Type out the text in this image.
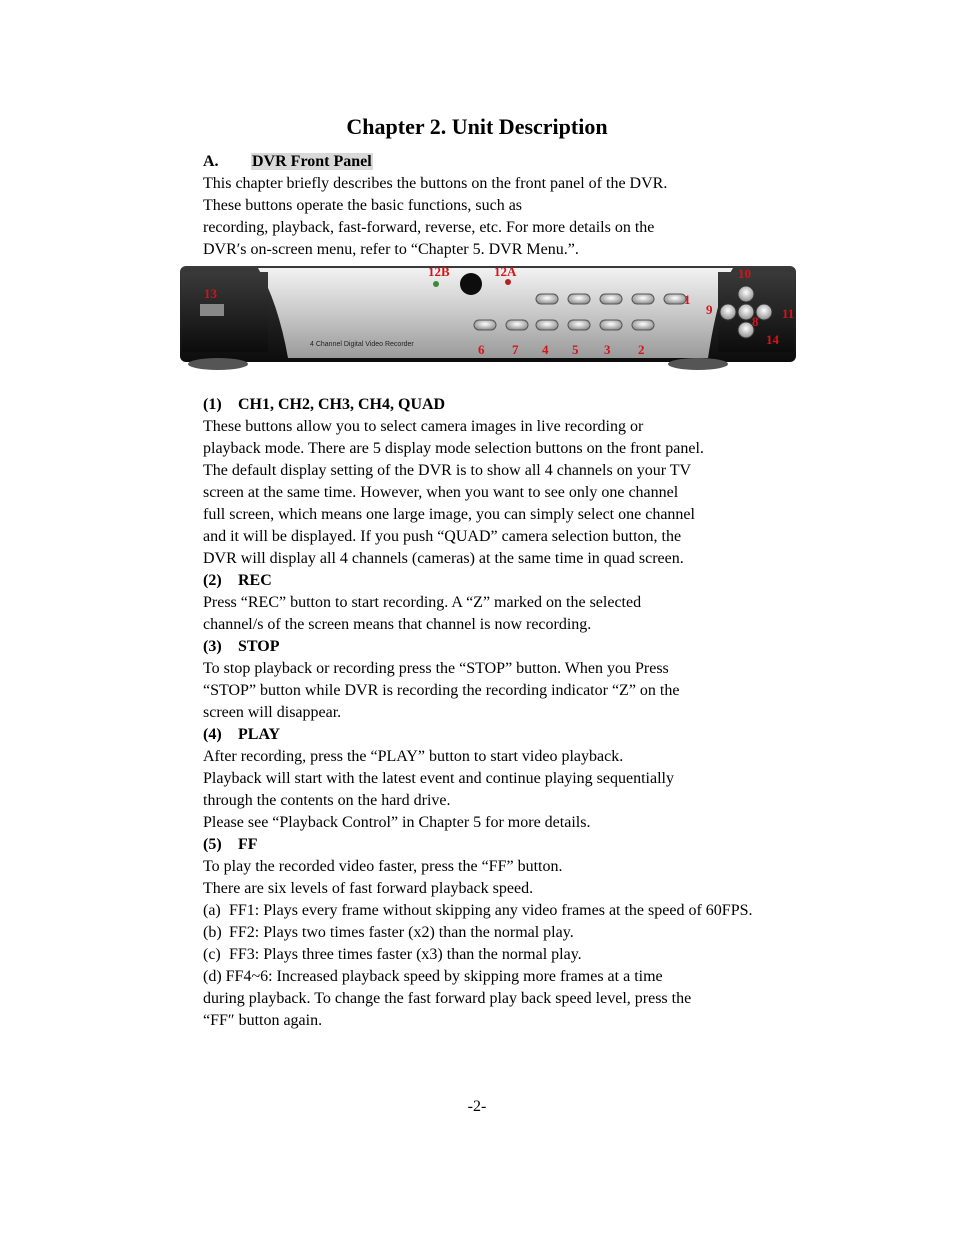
Chapter 2. Unit Description
A. DVR Front Panel

This chapter briefly describes the buttons on the front panel of the DVR.

These buttons operate the basic functions, such as

recording, playback, fast-forward, reverse, etc. For more details on the

DVR′s on-screen menu, refer to “Chapter 5. DVR Menu.”.

4 Channel Digital Video Recorder
12B	12A
13
10
9
8
11
14
1
6 7 4 5 3 2

(1) CH1, CH2, CH3, CH4, QUAD

These buttons allow you to select camera images in live recording or

playback mode. There are 5 display mode selection buttons on the front panel.

The default display setting of the DVR is to show all 4 channels on your TV

screen at the same time. However, when you want to see only one channel

full screen, which means one large image, you can simply select one channel

and it will be displayed. If you push “QUAD” camera selection button, the

DVR will display all 4 channels (cameras) at the same time in quad screen.

(2) REC

Press “REC” button to start recording. A “Z” marked on the selected

channel/s of the screen means that channel is now recording.

(3) STOP

To stop playback or recording press the “STOP” button. When you Press

“STOP” button while DVR is recording the recording indicator “Z” on the

screen will disappear.

(4) PLAY

After recording, press the “PLAY” button to start video playback.

Playback will start with the latest event and continue playing sequentially

through the contents on the hard drive.

Please see “Playback Control” in Chapter 5 for more details.

(5) FF

To play the recorded video faster, press the “FF” button.

There are six levels of fast forward playback speed.

(a) FF1: Plays every frame without skipping any video frames at the speed of 60FPS.

(b) FF2: Plays two times faster (x2) than the normal play.

(c) FF3: Plays three times faster (x3) than the normal play.

(d) FF4~6: Increased playback speed by skipping more frames at a time

during playback. To change the fast forward play back speed level, press the

“FF″ button again.

-2-
